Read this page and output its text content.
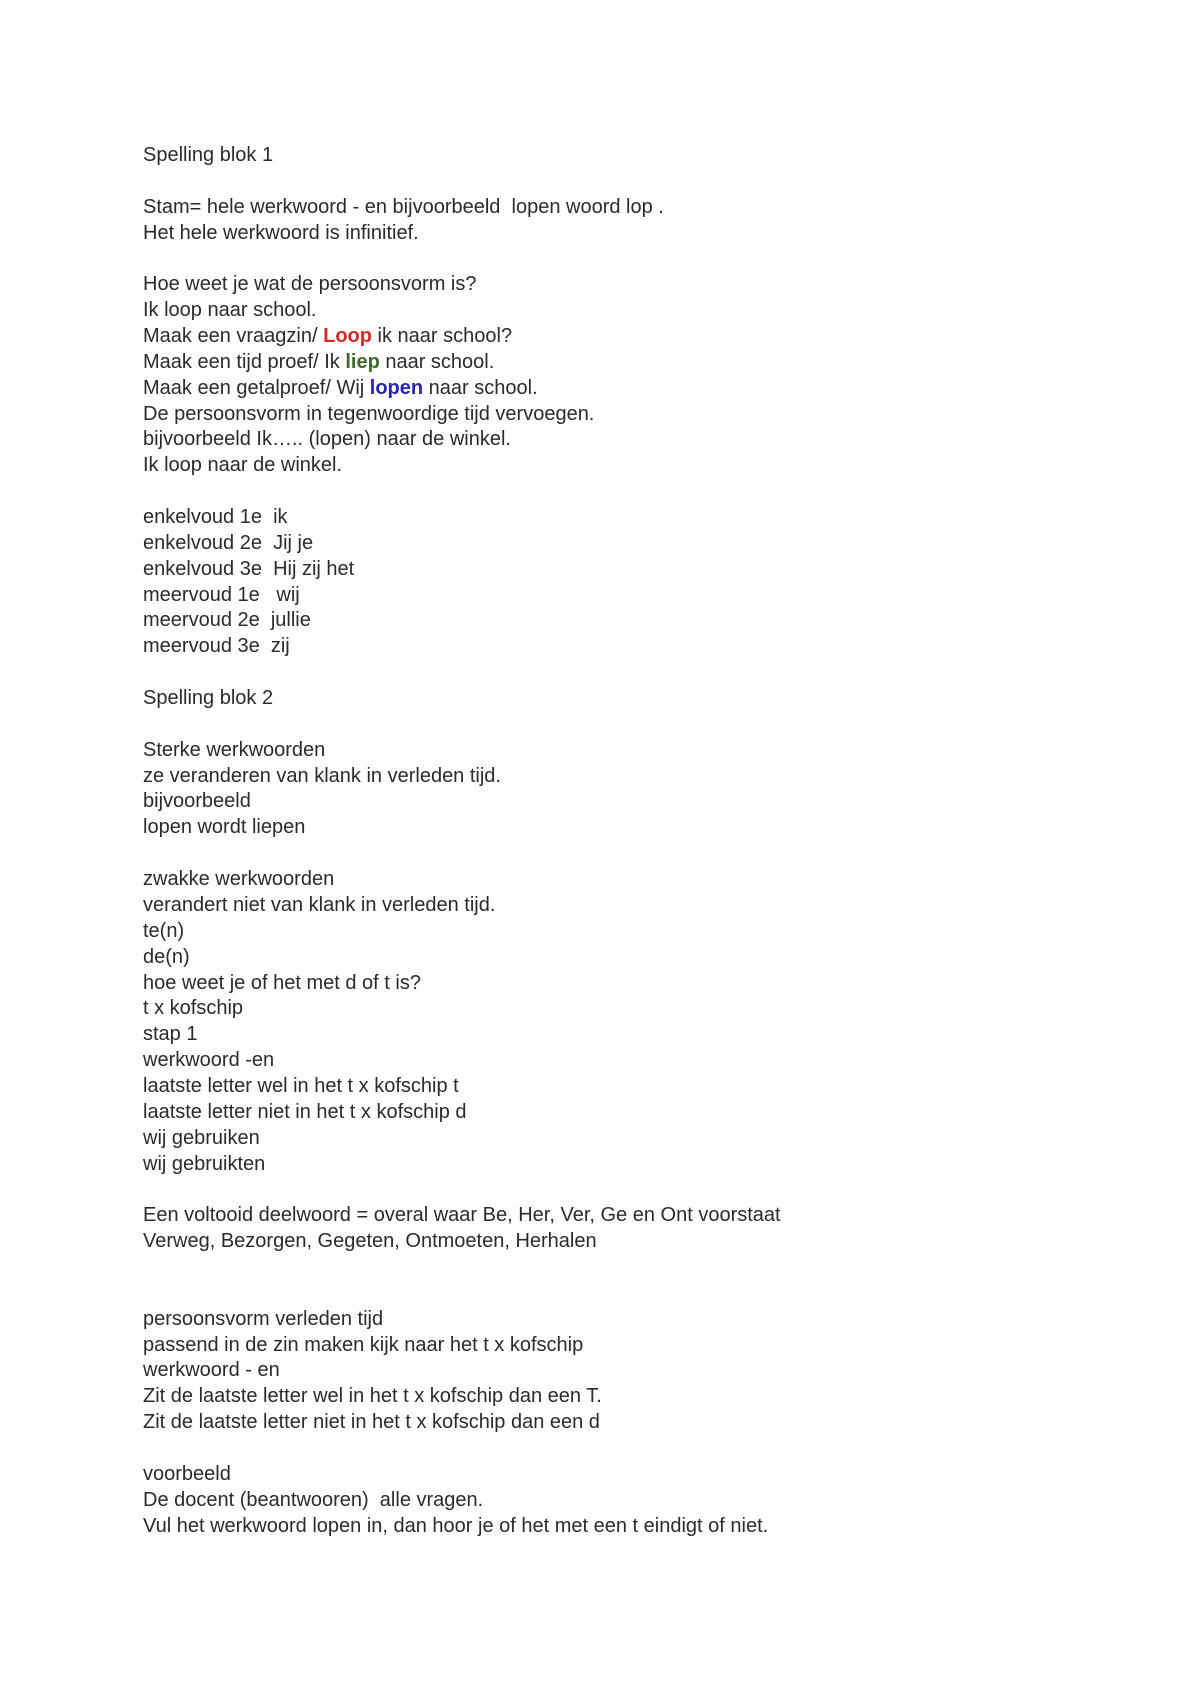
Spelling blok 1
Stam= hele werkwoord - en bijvoorbeeld  lopen woord lop .
Het hele werkwoord is infinitief.
Hoe weet je wat de persoonsvorm is?
Ik loop naar school.
Maak een vraagzin/ Loop ik naar school?
Maak een tijd proef/ Ik liep naar school.
Maak een getalproef/ Wij lopen naar school.
De persoonsvorm in tegenwoordige tijd vervoegen.
bijvoorbeeld Ik….. (lopen) naar de winkel.
Ik loop naar de winkel.
enkelvoud 1e  ik
enkelvoud 2e  Jij je
enkelvoud 3e  Hij zij het
meervoud 1e   wij
meervoud 2e  jullie
meervoud 3e  zij
Spelling blok 2
Sterke werkwoorden
ze veranderen van klank in verleden tijd.
bijvoorbeeld
lopen wordt liepen
zwakke werkwoorden
verandert niet van klank in verleden tijd.
te(n)
de(n)
hoe weet je of het met d of t is?
t x kofschip
stap 1
werkwoord -en
laatste letter wel in het t x kofschip t
laatste letter niet in het t x kofschip d
wij gebruiken
wij gebruikten
Een voltooid deelwoord = overal waar Be, Her, Ver, Ge en Ont voorstaat
Verweg, Bezorgen, Gegeten, Ontmoeten, Herhalen
persoonsvorm verleden tijd
passend in de zin maken kijk naar het t x kofschip
werkwoord - en
Zit de laatste letter wel in het t x kofschip dan een T.
Zit de laatste letter niet in het t x kofschip dan een d
voorbeeld
De docent (beantwooren)  alle vragen.
Vul het werkwoord lopen in, dan hoor je of het met een t eindigt of niet.
